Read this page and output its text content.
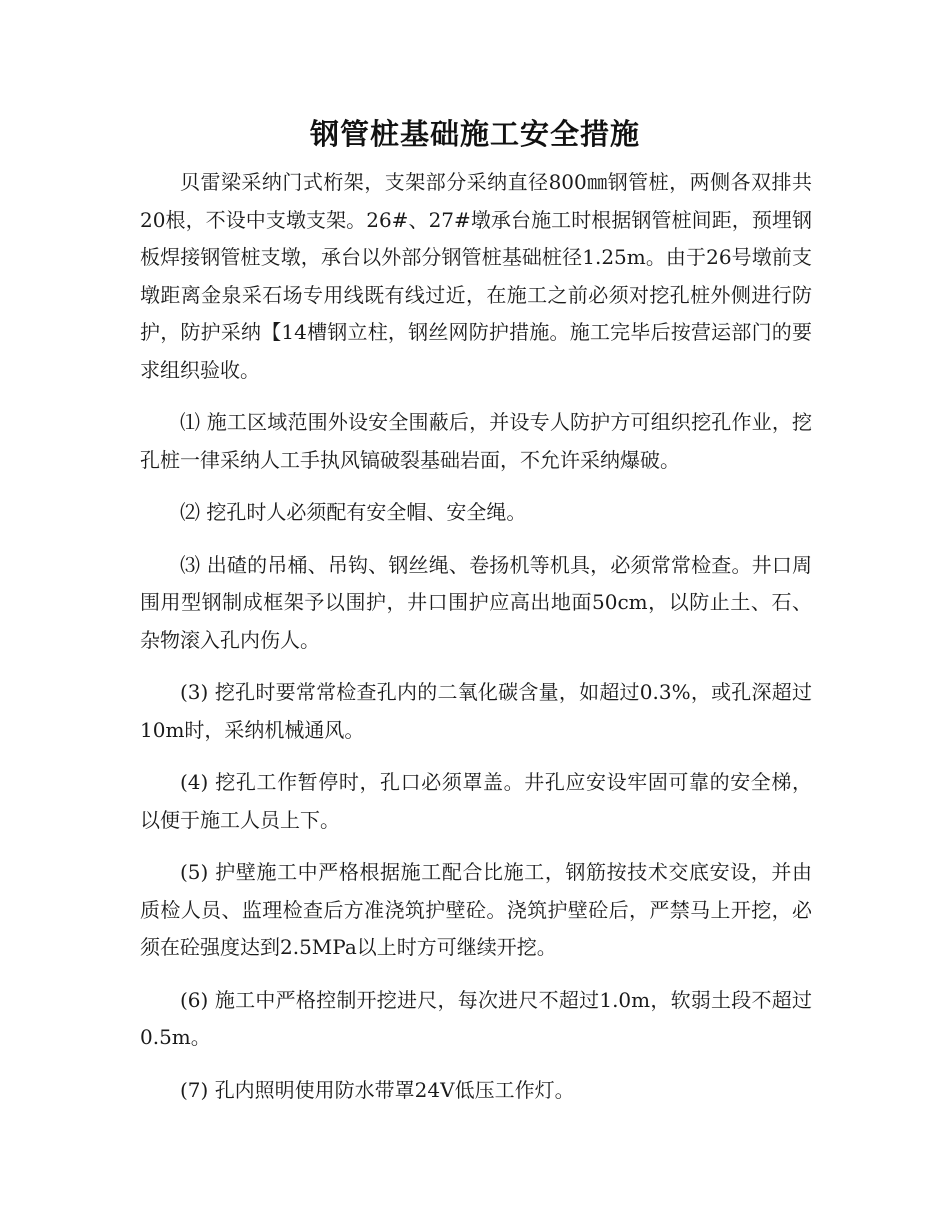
钢管桩基础施工安全措施

贝雷梁采纳门式桁架，支架部分采纳直径800㎜钢管桩，两侧各双排共20根，不设中支墩支架。26#、27#墩承台施工时根据钢管桩间距，预埋钢板焊接钢管桩支墩，承台以外部分钢管桩基础桩径1.25m。由于26号墩前支墩距离金泉采石场专用线既有线过近，在施工之前必须对挖孔桩外侧进行防护，防护采纳【14槽钢立柱，钢丝网防护措施。施工完毕后按营运部门的要求组织验收。

⑴ 施工区域范围外设安全围蔽后，并设专人防护方可组织挖孔作业，挖孔桩一律采纳人工手执风镐破裂基础岩面，不允许采纳爆破。

⑵ 挖孔时人必须配有安全帽、安全绳。

⑶ 出碴的吊桶、吊钩、钢丝绳、卷扬机等机具，必须常常检查。井口周围用型钢制成框架予以围护，井口围护应高出地面50cm，以防止土、石、杂物滚入孔内伤人。

(3) 挖孔时要常常检查孔内的二氧化碳含量，如超过0.3%，或孔深超过10m时，采纳机械通风。

(4) 挖孔工作暂停时，孔口必须罩盖。井孔应安设牢固可靠的安全梯，以便于施工人员上下。

(5) 护壁施工中严格根据施工配合比施工，钢筋按技术交底安设，并由质检人员、监理检查后方准浇筑护壁砼。浇筑护壁砼后，严禁马上开挖，必须在砼强度达到2.5MPa以上时方可继续开挖。

(6) 施工中严格控制开挖进尺，每次进尺不超过1.0m，软弱土段不超过0.5m。

(7) 孔内照明使用防水带罩24V低压工作灯。
